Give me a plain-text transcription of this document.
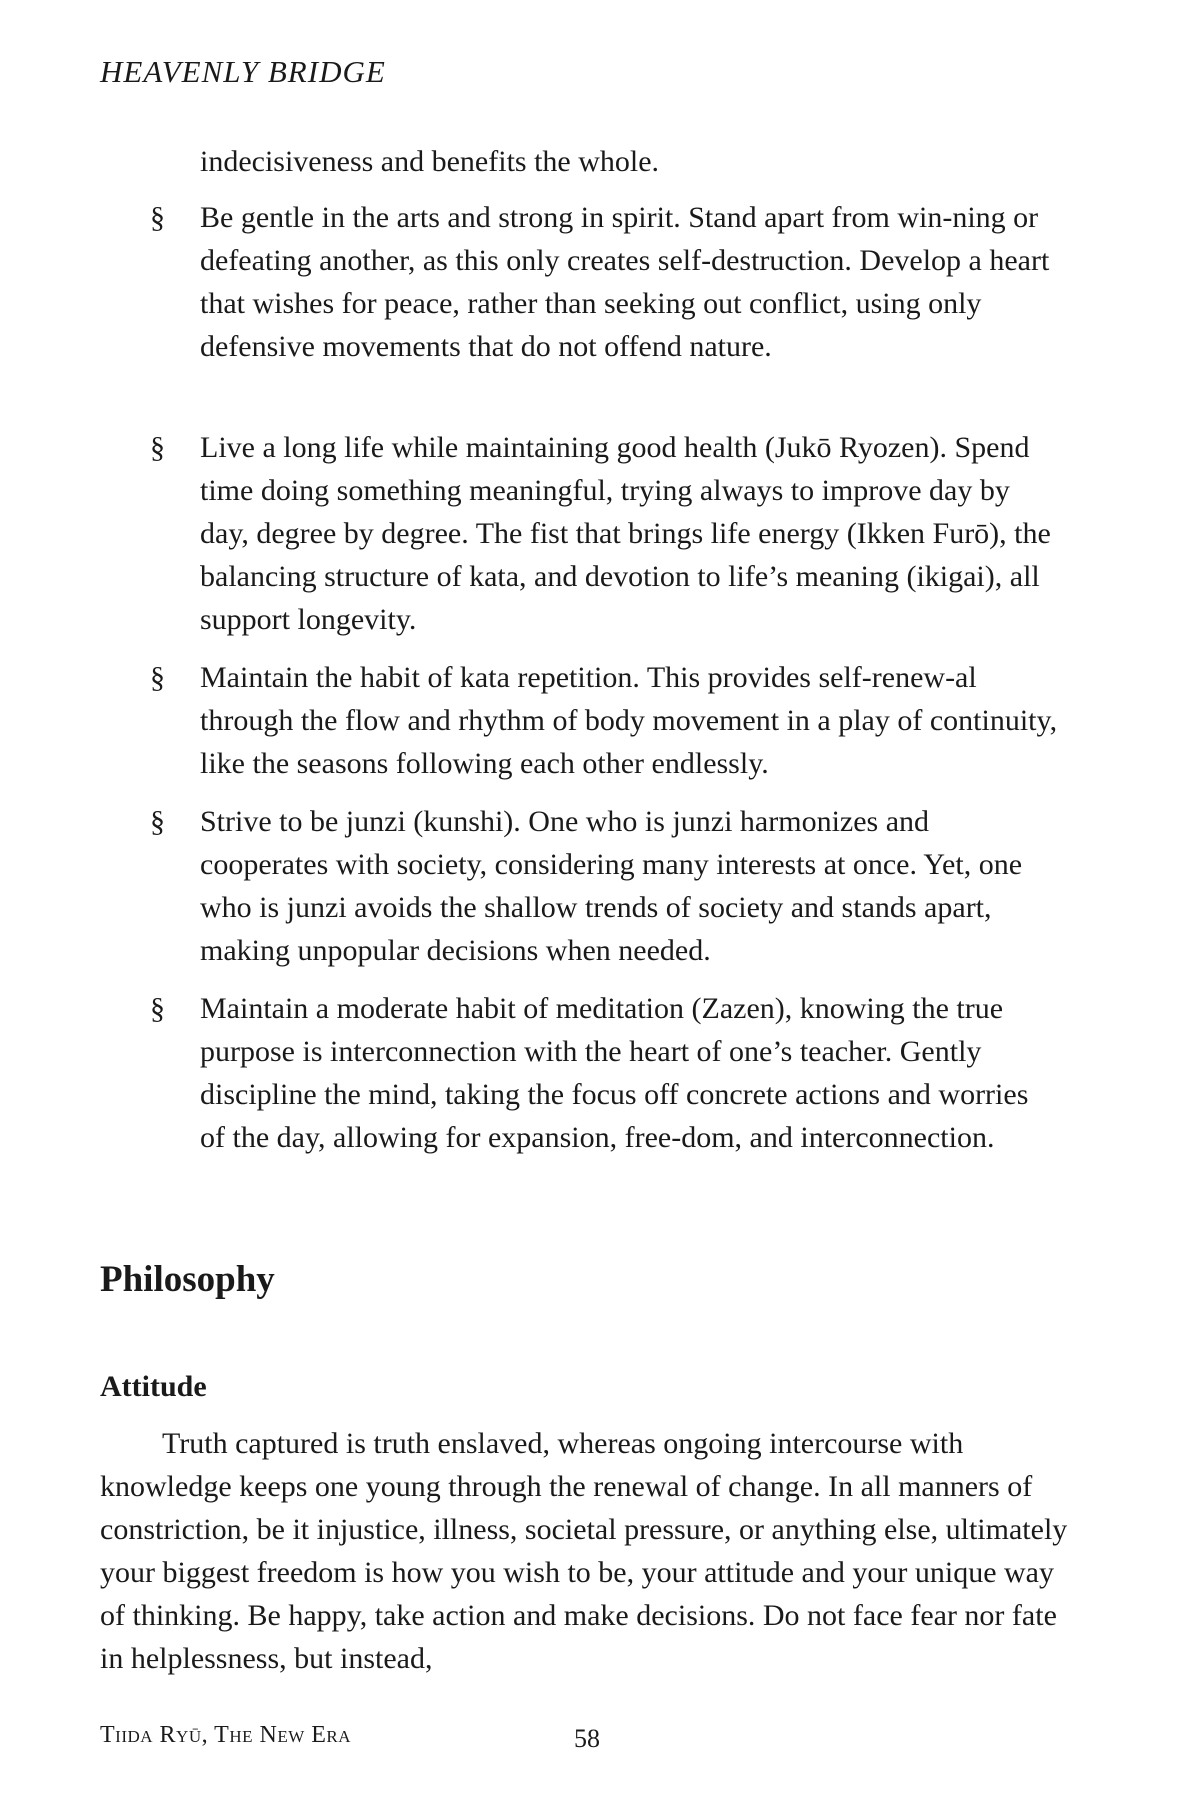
HEAVENLY BRIDGE

indecisiveness and benefits the whole.

§ Be gentle in the arts and strong in spirit. Stand apart from win-ning or defeating another, as this only creates self-destruction. Develop a heart that wishes for peace, rather than seeking out conflict, using only defensive movements that do not offend nature.

§ Live a long life while maintaining good health (Jukō Ryozen). Spend time doing something meaningful, trying always to improve day by day, degree by degree. The fist that brings life energy (Ikken Furō), the balancing structure of kata, and devotion to life’s meaning (ikigai), all support longevity.

§ Maintain the habit of kata repetition. This provides self-renew-al through the flow and rhythm of body movement in a play of continuity, like the seasons following each other endlessly.

§ Strive to be junzi (kunshi). One who is junzi harmonizes and cooperates with society, considering many interests at once. Yet, one who is junzi avoids the shallow trends of society and stands apart, making unpopular decisions when needed.

§ Maintain a moderate habit of meditation (Zazen), knowing the true purpose is interconnection with the heart of one’s teacher. Gently discipline the mind, taking the focus off concrete actions and worries of the day, allowing for expansion, free-dom, and interconnection.

Philosophy
Attitude

Truth captured is truth enslaved, whereas ongoing intercourse with knowledge keeps one young through the renewal of change. In all manners of constriction, be it injustice, illness, societal pressure, or anything else, ultimately your biggest freedom is how you wish to be, your attitude and your unique way of thinking. Be happy, take action and make decisions. Do not face fear nor fate in helplessness, but instead,

Tiida Ryū, The New Era	58
